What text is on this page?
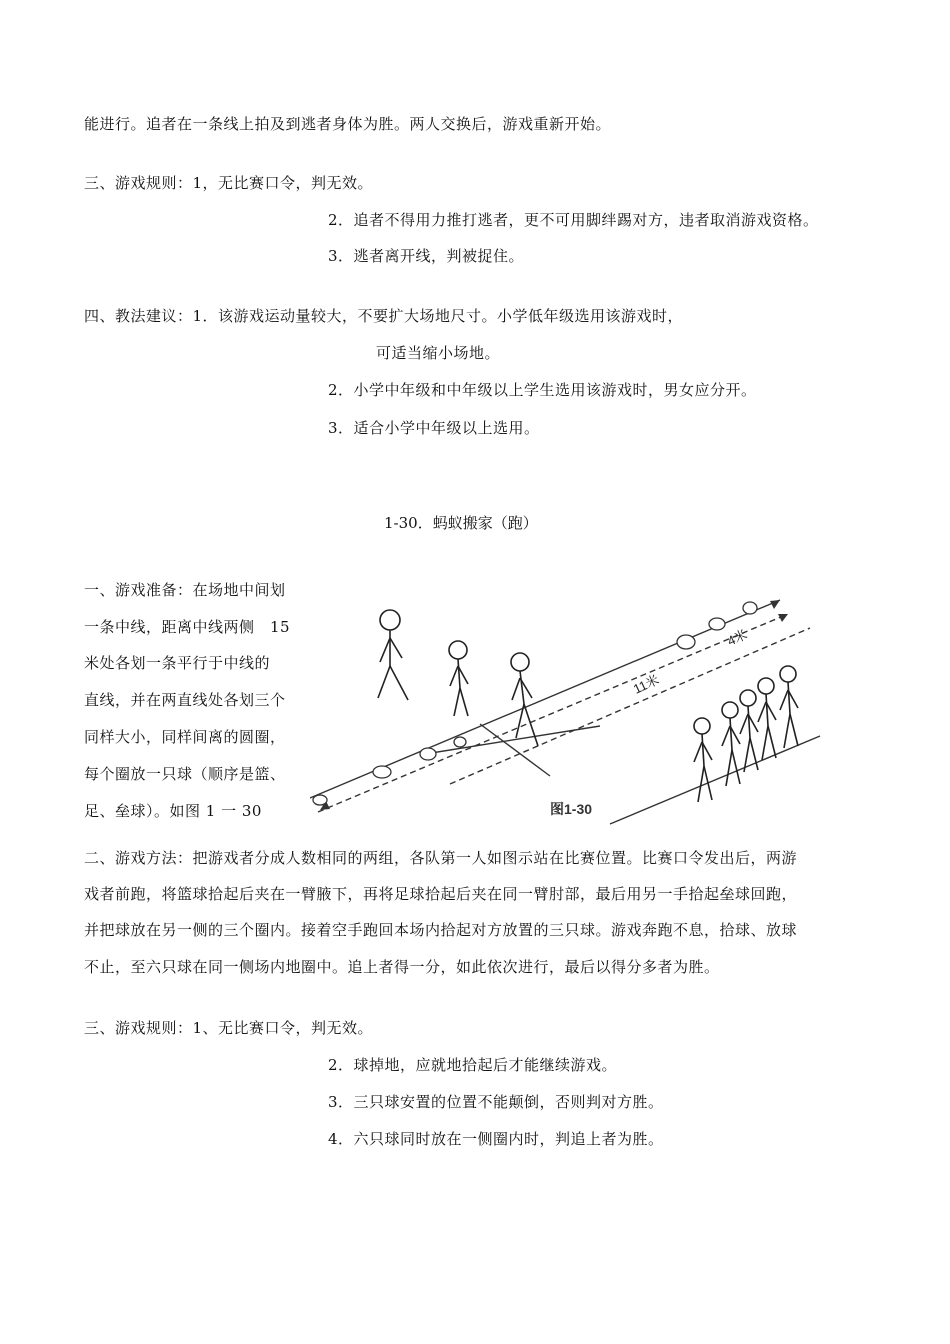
能进行。追者在一条线上拍及到逃者身体为胜。两人交换后，游戏重新开始。
三、游戏规则：1，无比赛口令，判无效。
2．追者不得用力推打逃者，更不可用脚绊踢对方，违者取消游戏资格。
3．逃者离开线，判被捉住。
四、教法建议：1．该游戏运动量较大，不要扩大场地尺寸。小学低年级选用该游戏时，
可适当缩小场地。
2．小学中年级和中年级以上学生选用该游戏时，男女应分开。
3．适合小学中年级以上选用。
1-30．蚂蚁搬家（跑）
一、游戏准备：在场地中间划
一条中线，距离中线两侧　15
米处各划一条平行于中线的
直线，并在两直线处各划三个
同样大小，同样间离的圆圈，
每个圈放一只球（顺序是篮、
足、垒球）。如图 1 一 30
11米
4米
图1-30
二、游戏方法：把游戏者分成人数相同的两组，各队第一人如图示站在比赛位置。比赛口令发出后，两游
戏者前跑，将篮球拾起后夹在一臂腋下，再将足球拾起后夹在同一臂肘部，最后用另一手拾起垒球回跑，
并把球放在另一侧的三个圈内。接着空手跑回本场内拾起对方放置的三只球。游戏奔跑不息，拾球、放球
不止，至六只球在同一侧场内地圈中。追上者得一分，如此依次进行，最后以得分多者为胜。
三、游戏规则：1、无比赛口令，判无效。
2．球掉地，应就地拾起后才能继续游戏。
3．三只球安置的位置不能颠倒，否则判对方胜。
4．六只球同时放在一侧圈内时，判追上者为胜。
